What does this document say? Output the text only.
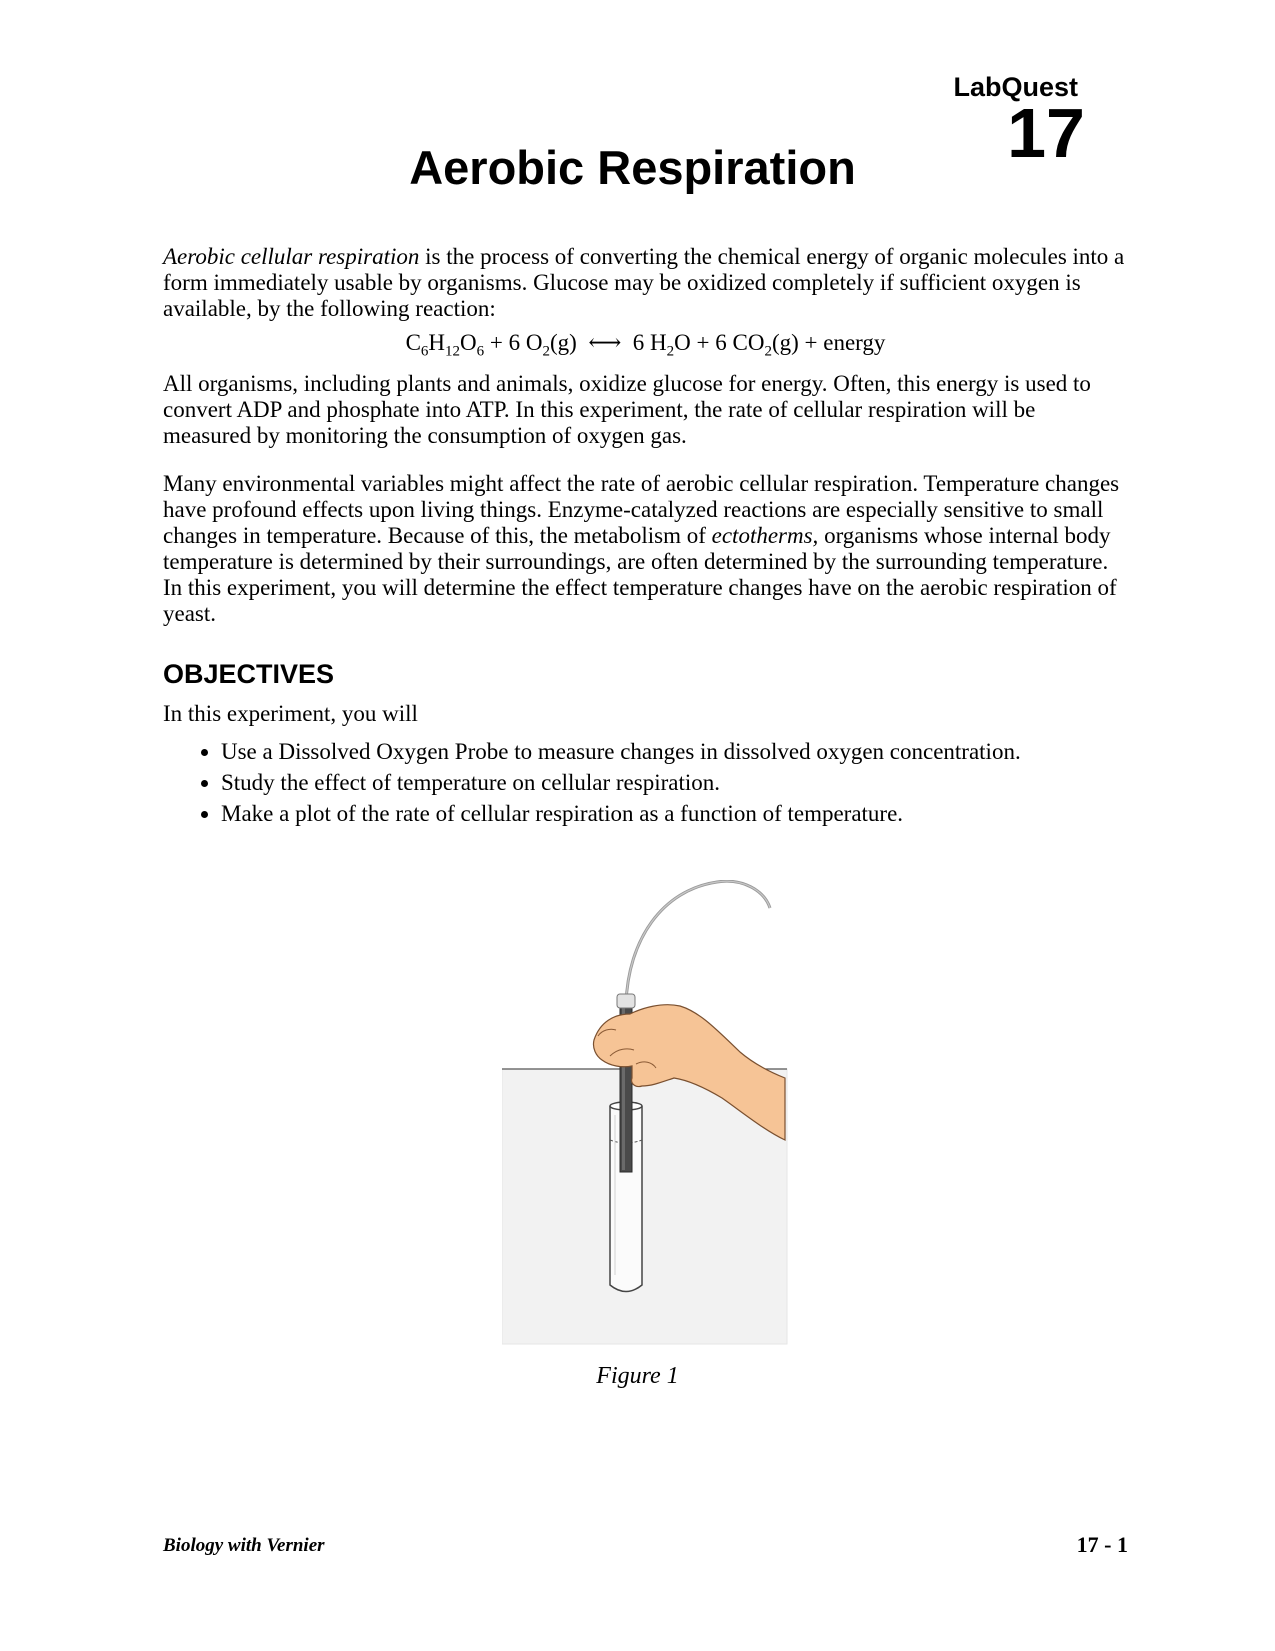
LabQuest
17
Aerobic Respiration

Aerobic cellular respiration is the process of converting the chemical energy of organic molecules into a form immediately usable by organisms. Glucose may be oxidized completely if sufficient oxygen is available, by the following reaction:

$C_6H_{12}O_6 + 6$ $O_2(g)$  ⟷  6 $H_2O + 6$ $CO_2(g)$ + energy

All organisms, including plants and animals, oxidize glucose for energy. Often, this energy is used to convert ADP and phosphate into ATP. In this experiment, the rate of cellular respiration will be measured by monitoring the consumption of oxygen gas.

Many environmental variables might affect the rate of aerobic cellular respiration. Temperature changes have profound effects upon living things. Enzyme-catalyzed reactions are especially sensitive to small changes in temperature. Because of this, the metabolism of ectotherms, organisms whose internal body temperature is determined by their surroundings, are often determined by the surrounding temperature. In this experiment, you will determine the effect temperature changes have on the aerobic respiration of yeast.

OBJECTIVES

In this experiment, you will

• Use a Dissolved Oxygen Probe to measure changes in dissolved oxygen concentration.
• Study the effect of temperature on cellular respiration.
• Make a plot of the rate of cellular respiration as a function of temperature.
Figure 1
Biology with Vernier	17 - 1
